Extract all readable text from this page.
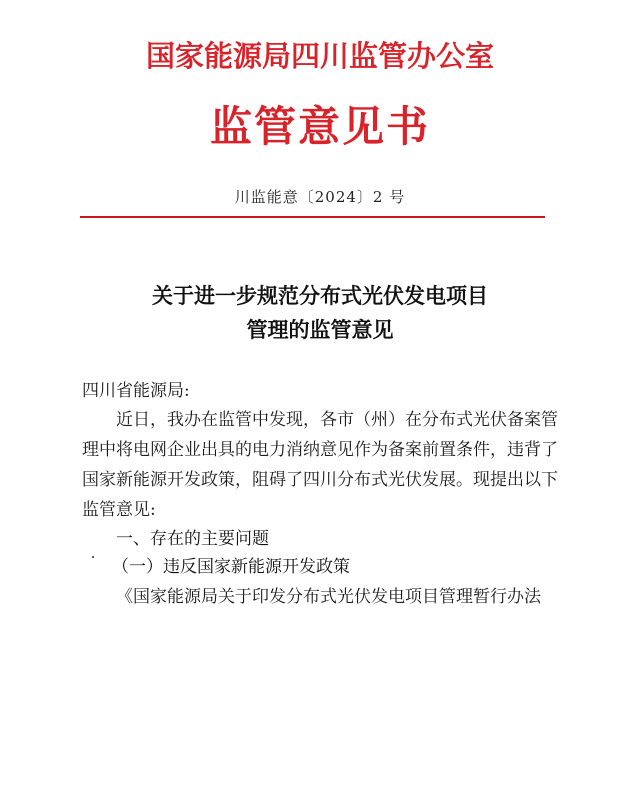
国家能源局四川监管办公室
监管意见书
川监能意〔2024〕2 号
关于进一步规范分布式光伏发电项目
管理的监管意见
四川省能源局:
近日，我办在监管中发现，各市（州）在分布式光伏备案管
理中将电网企业出具的电力消纳意见作为备案前置条件，违背了
国家新能源开发政策，阻碍了四川分布式光伏发展。现提出以下
监管意见:
一、存在的主要问题
（一）违反国家新能源开发政策
《国家能源局关于印发分布式光伏发电项目管理暂行办法
